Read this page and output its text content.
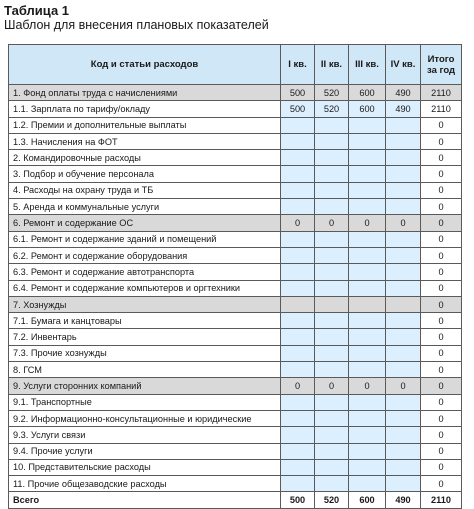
Таблица 1
Шаблон для внесения плановых показателей
Код и статьи расходов	I кв.	II кв.	III кв.	IV кв.	Итого за год
1. Фонд оплаты труда с начислениями	500	520	600	490	2110
1.1. Зарплата по тарифу/окладу	500	520	600	490	2110
1.2. Премии и дополнительные выплаты					0
1.3. Начисления на ФОТ					0
2. Командировочные расходы					0
3. Подбор и обучение персонала					0
4. Расходы на охрану труда и ТБ					0
5. Аренда и коммунальные услуги					0
6. Ремонт и содержание ОС	0	0	0	0	0
6.1. Ремонт и содержание зданий и помещений					0
6.2. Ремонт и содержание оборудования					0
6.3. Ремонт и содержание автотранспорта					0
6.4. Ремонт и содержание компьютеров и оргтехники					0
7. Хознужды					0
7.1. Бумага и канцтовары					0
7.2. Инвентарь					0
7.3. Прочие хознужды					0
8. ГСМ					0
9. Услуги сторонних компаний	0	0	0	0	0
9.1. Транспортные					0
9.2. Информационно-консультационные и юридические					0
9.3. Услуги связи					0
9.4. Прочие услуги					0
10. Представительские расходы					0
11. Прочие общезаводские расходы					0
Всего	500	520	600	490	2110
